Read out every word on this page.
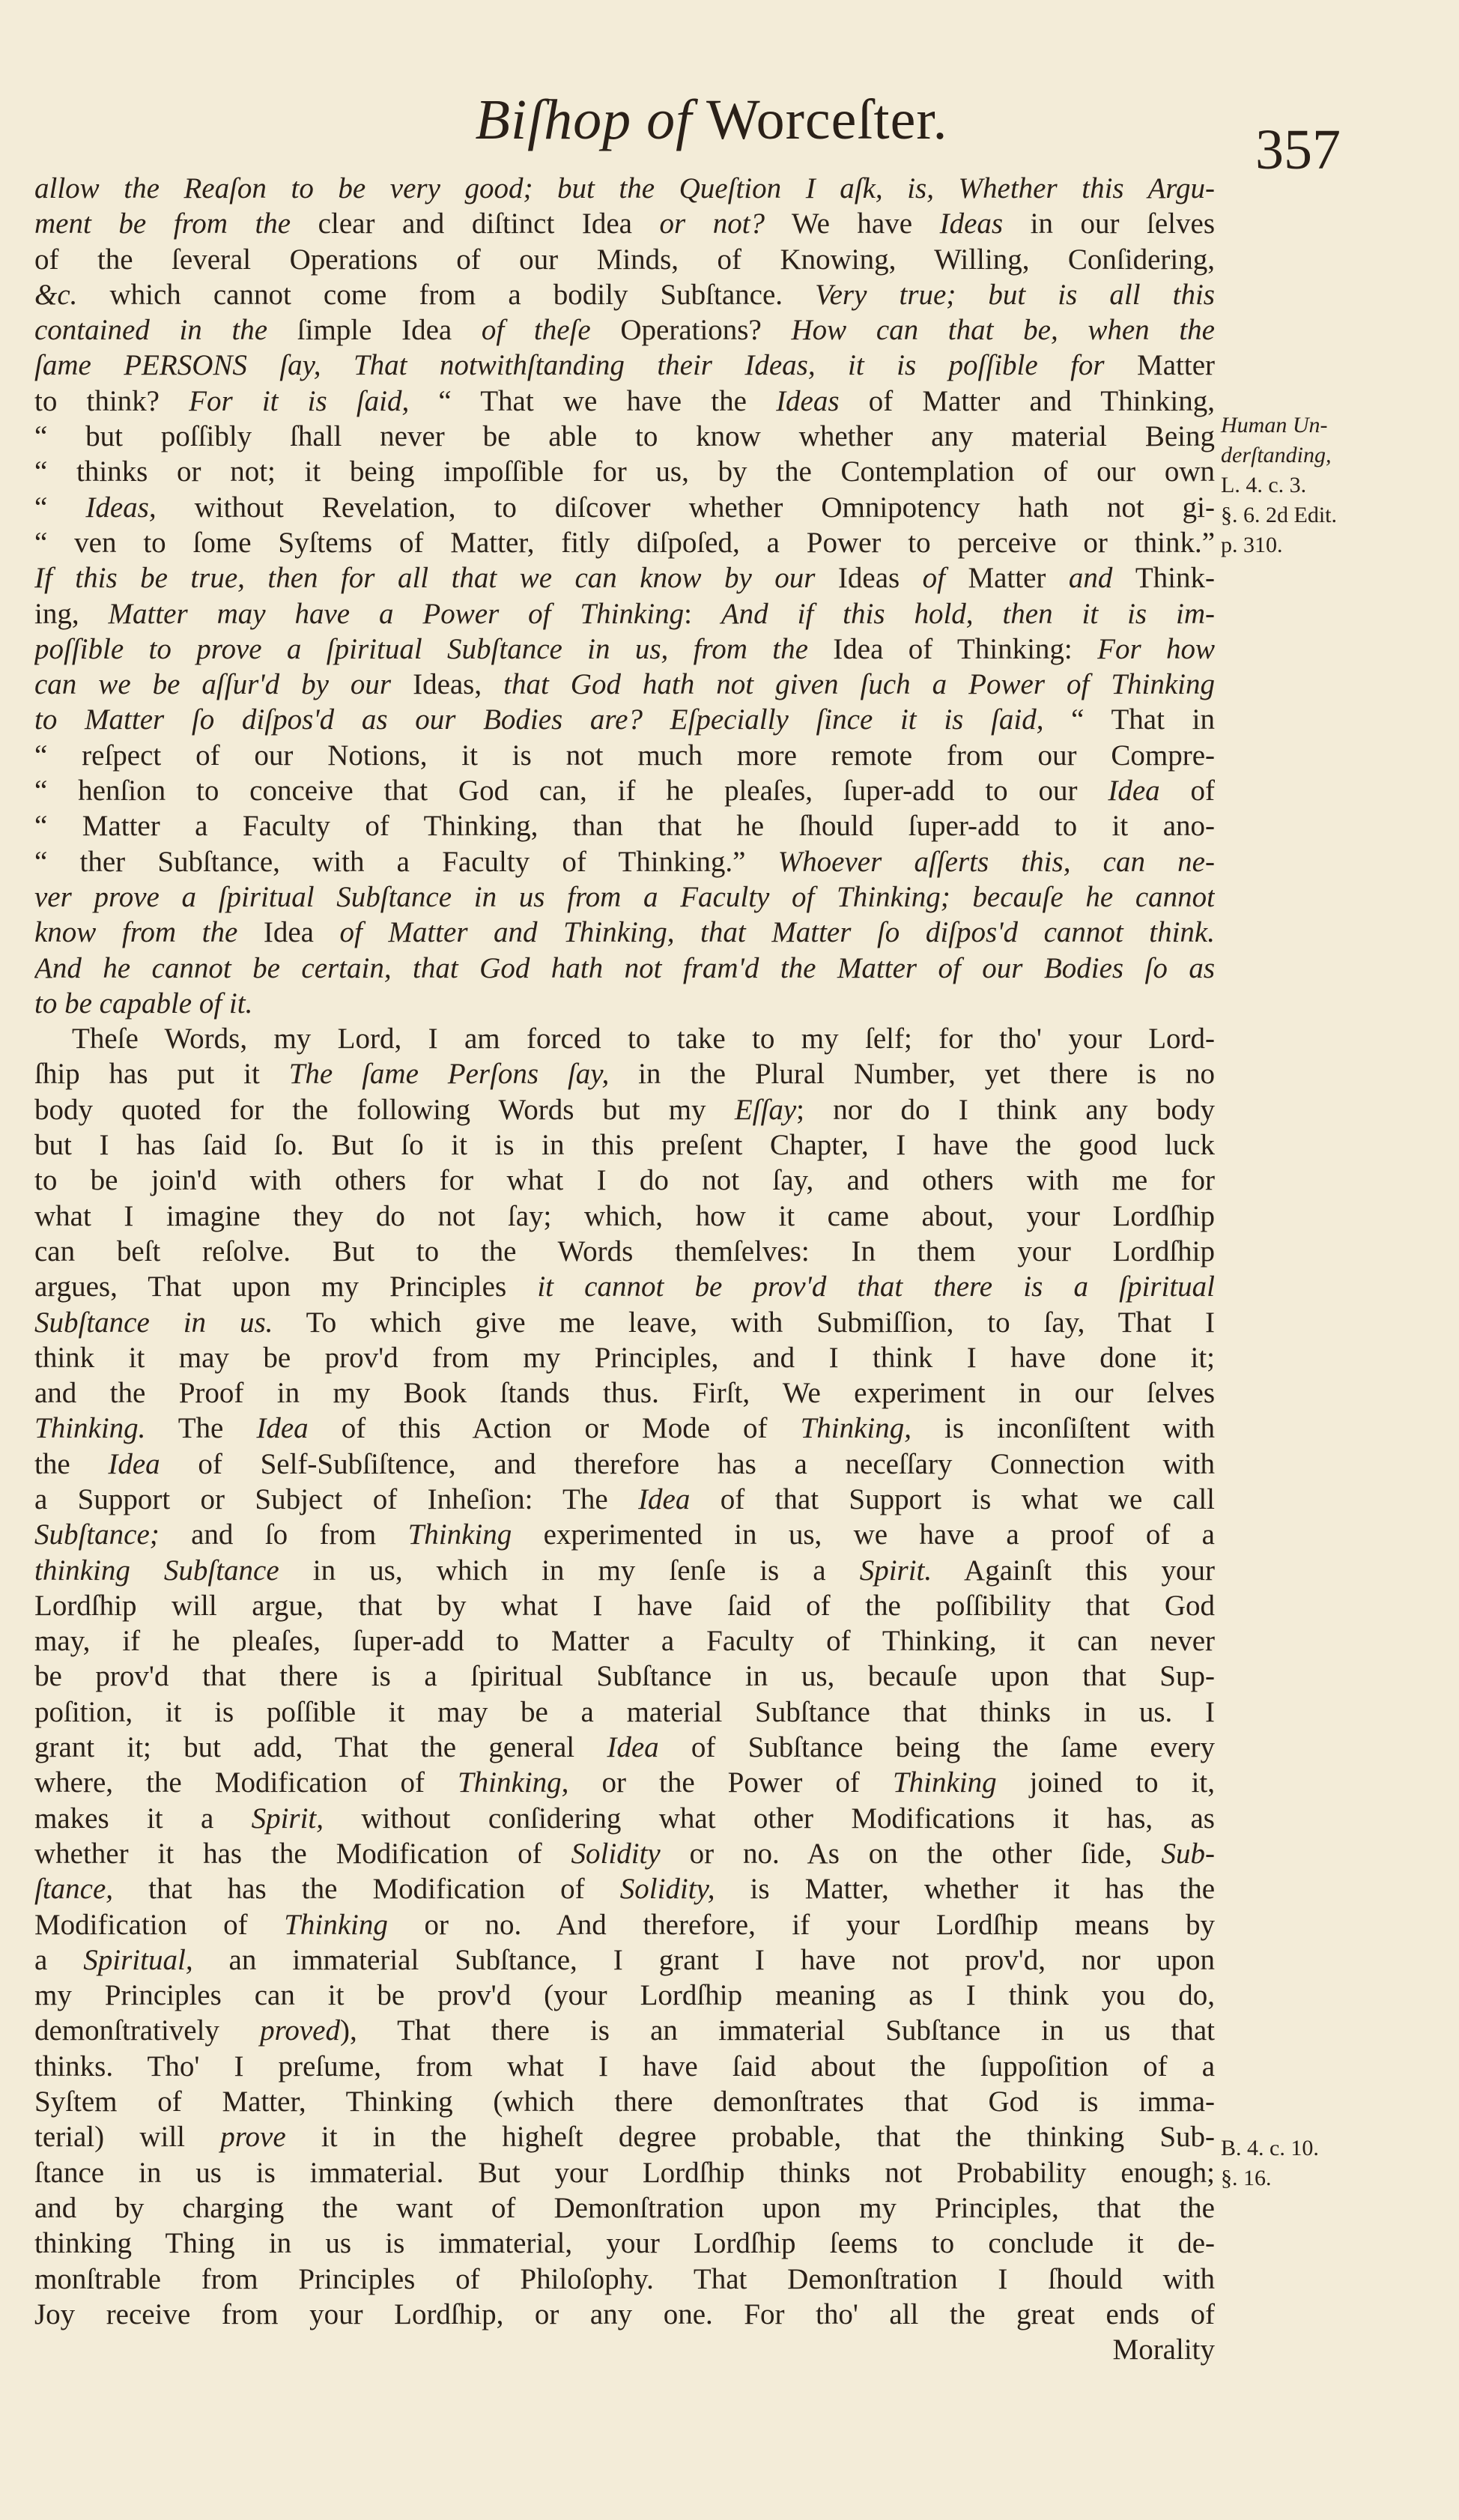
Biſhop of Worceſter.	357
allow the Reaſon to be very good; but the Queſtion I aſk, is, Whether this Argu-
ment be from the clear and diſtinct Idea or not? We have Ideas in our ſelves
of the ſeveral Operations of our Minds, of Knowing, Willing, Conſidering,
&c. which cannot come from a bodily Subſtance. Very true; but is all this
contained in the ſimple Idea of theſe Operations? How can that be, when the
ſame PERSONS ſay, That notwithſtanding their Ideas, it is poſſible for Matter
to think? For it is ſaid, “ That we have the Ideas of Matter and Thinking,
“ but poſſibly ſhall never be able to know whether any material Being
“ thinks or not; it being impoſſible for us, by the Contemplation of our own
“ Ideas, without Revelation, to diſcover whether Omnipotency hath not gi-
“ ven to ſome Syſtems of Matter, fitly diſpoſed, a Power to perceive or think.”
If this be true, then for all that we can know by our Ideas of Matter and Think-
ing, Matter may have a Power of Thinking: And if this hold, then it is im-
poſſible to prove a ſpiritual Subſtance in us, from the Idea of Thinking: For how
can we be aſſur'd by our Ideas, that God hath not given ſuch a Power of Thinking
to Matter ſo diſpos'd as our Bodies are? Eſpecially ſince it is ſaid, “ That in
“ reſpect of our Notions, it is not much more remote from our Compre-
“ henſion to conceive that God can, if he pleaſes, ſuper-add to our Idea of
“ Matter a Faculty of Thinking, than that he ſhould ſuper-add to it ano-
“ ther Subſtance, with a Faculty of Thinking.” Whoever aſſerts this, can ne-
ver prove a ſpiritual Subſtance in us from a Faculty of Thinking; becauſe he cannot
know from the Idea of Matter and Thinking, that Matter ſo diſpos'd cannot think.
And he cannot be certain, that God hath not fram'd the Matter of our Bodies ſo as
to be capable of it.
Theſe Words, my Lord, I am forced to take to my ſelf; for tho' your Lord-
ſhip has put it The ſame Perſons ſay, in the Plural Number, yet there is no
body quoted for the following Words but my Eſſay; nor do I think any body
but I has ſaid ſo. But ſo it is in this preſent Chapter, I have the good luck
to be join'd with others for what I do not ſay, and others with me for
what I imagine they do not ſay; which, how it came about, your Lordſhip
can beſt reſolve. But to the Words themſelves: In them your Lordſhip
argues, That upon my Principles it cannot be prov'd that there is a ſpiritual
Subſtance in us. To which give me leave, with Submiſſion, to ſay, That I
think it may be prov'd from my Principles, and I think I have done it;
and the Proof in my Book ſtands thus. Firſt, We experiment in our ſelves
Thinking. The Idea of this Action or Mode of Thinking, is inconſiſtent with
the Idea of Self-Subſiſtence, and therefore has a neceſſary Connection with
a Support or Subject of Inheſion: The Idea of that Support is what we call
Subſtance; and ſo from Thinking experimented in us, we have a proof of a
thinking Subſtance in us, which in my ſenſe is a Spirit. Againſt this your
Lordſhip will argue, that by what I have ſaid of the poſſibility that God
may, if he pleaſes, ſuper-add to Matter a Faculty of Thinking, it can never
be prov'd that there is a ſpiritual Subſtance in us, becauſe upon that Sup-
poſition, it is poſſible it may be a material Subſtance that thinks in us. I
grant it; but add, That the general Idea of Subſtance being the ſame every
where, the Modification of Thinking, or the Power of Thinking joined to it,
makes it a Spirit, without conſidering what other Modifications it has, as
whether it has the Modification of Solidity or no. As on the other ſide, Sub-
ſtance, that has the Modification of Solidity, is Matter, whether it has the
Modification of Thinking or no. And therefore, if your Lordſhip means by
a Spiritual, an immaterial Subſtance, I grant I have not prov'd, nor upon
my Principles can it be prov'd (your Lordſhip meaning as I think you do,
demonſtratively proved), That there is an immaterial Subſtance in us that
thinks. Tho' I preſume, from what I have ſaid about the ſuppoſition of a
Syſtem of Matter, Thinking (which there demonſtrates that God is imma-
terial) will prove it in the higheſt degree probable, that the thinking Sub-
ſtance in us is immaterial. But your Lordſhip thinks not Probability enough;
and by charging the want of Demonſtration upon my Principles, that the
thinking Thing in us is immaterial, your Lordſhip ſeems to conclude it de-
monſtrable from Principles of Philoſophy. That Demonſtration I ſhould with
Joy receive from your Lordſhip, or any one. For tho' all the great ends of
Morality
Human Un-
derſtanding,
L. 4. c. 3.
§. 6. 2d Edit.
p. 310.
B. 4. c. 10.
§. 16.
